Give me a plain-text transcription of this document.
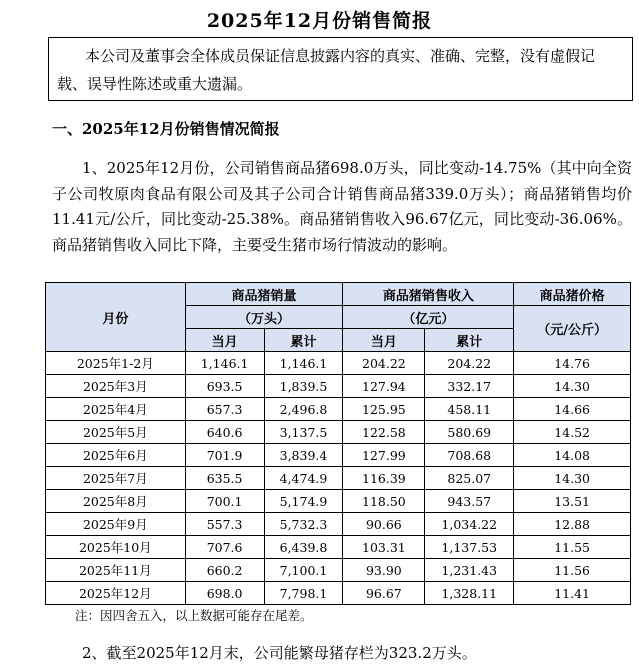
2025年12月份销售简报
本公司及董事会全体成员保证信息披露内容的真实、准确、完整，没有虚假记载、误导性陈述或重大遗漏。
一、2025年12月份销售情况简报
1、2025年12月份，公司销售商品猪698.0万头，同比变动-14.75%（其中向全资子公司牧原肉食品有限公司及其子公司合计销售商品猪339.0万头）；商品猪销售均价11.41元/公斤，同比变动-25.38%。商品猪销售收入96.67亿元，同比变动-36.06%。商品猪销售收入同比下降，主要受生猪市场行情波动的影响。
月份	商品猪销量		商品猪销售收入		商品猪价格
	（万头）		（亿元）		（元/公斤）
	当月	累计	当月	累计	
2025年1-2月	1,146.1	1,146.1	204.22	204.22	14.76
2025年3月	693.5	1,839.5	127.94	332.17	14.30
2025年4月	657.3	2,496.8	125.95	458.11	14.66
2025年5月	640.6	3,137.5	122.58	580.69	14.52
2025年6月	701.9	3,839.4	127.99	708.68	14.08
2025年7月	635.5	4,474.9	116.39	825.07	14.30
2025年8月	700.1	5,174.9	118.50	943.57	13.51
2025年9月	557.3	5,732.3	90.66	1,034.22	12.88
2025年10月	707.6	6,439.8	103.31	1,137.53	11.55
2025年11月	660.2	7,100.1	93.90	1,231.43	11.56
2025年12月	698.0	7,798.1	96.67	1,328.11	11.41
注：因四舍五入，以上数据可能存在尾差。
2、截至2025年12月末，公司能繁母猪存栏为323.2万头。
